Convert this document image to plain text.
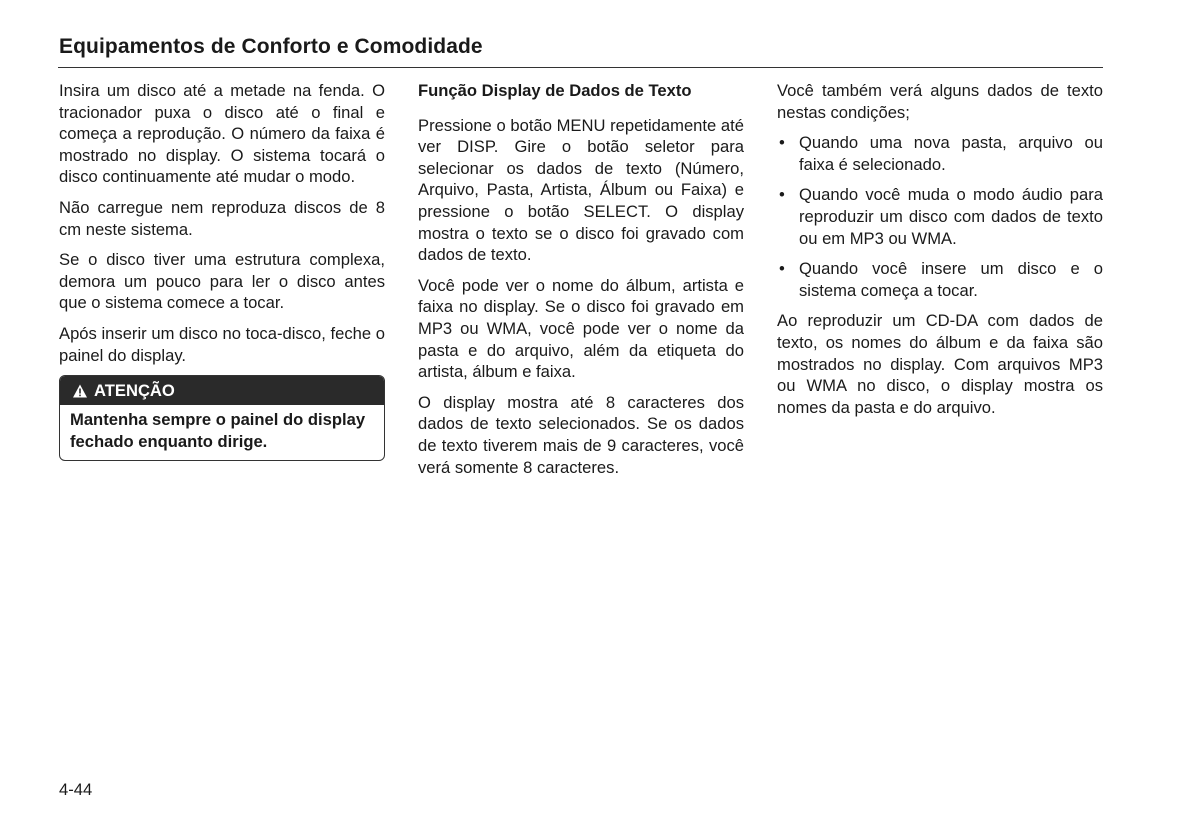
Equipamentos de Conforto e Comodidade

Insira um disco até a metade na fenda. O tracionador puxa o disco até o final e começa a reprodução. O número da faixa é mostrado no display. O sistema tocará o disco continuamente até mudar o modo.

Não carregue nem reproduza discos de 8 cm neste sistema.

Se o disco tiver uma estrutura complexa, demora um pouco para ler o disco antes que o sistema comece a tocar.

Após inserir um disco no toca-disco, feche o painel do display.

ATENÇÃO
Mantenha sempre o painel do display fechado enquanto dirige.
Função Display de Dados de Texto

Pressione o botão MENU repetidamente até ver DISP. Gire o botão seletor para selecionar os dados de texto (Número, Arquivo, Pasta, Artista, Álbum ou Faixa) e pressione o botão SELECT. O display mostra o texto se o disco foi gravado com dados de texto.

Você pode ver o nome do álbum, artista e faixa no display. Se o disco foi gravado em MP3 ou WMA, você pode ver o nome da pasta e do arquivo, além da etiqueta do artista, álbum e faixa.

O display mostra até 8 caracteres dos dados de texto selecionados. Se os dados de texto tiverem mais de 9 caracteres, você verá somente 8 caracteres.

Você também verá alguns dados de texto nestas condições;

• Quando uma nova pasta, arquivo ou faixa é selecionado.
• Quando você muda o modo áudio para reproduzir um disco com dados de texto ou em MP3 ou WMA.
• Quando você insere um disco e o sistema começa a tocar.

Ao reproduzir um CD-DA com dados de texto, os nomes do álbum e da faixa são mostrados no display. Com arquivos MP3 ou WMA no disco, o display mostra os nomes da pasta e do arquivo.

4-44
